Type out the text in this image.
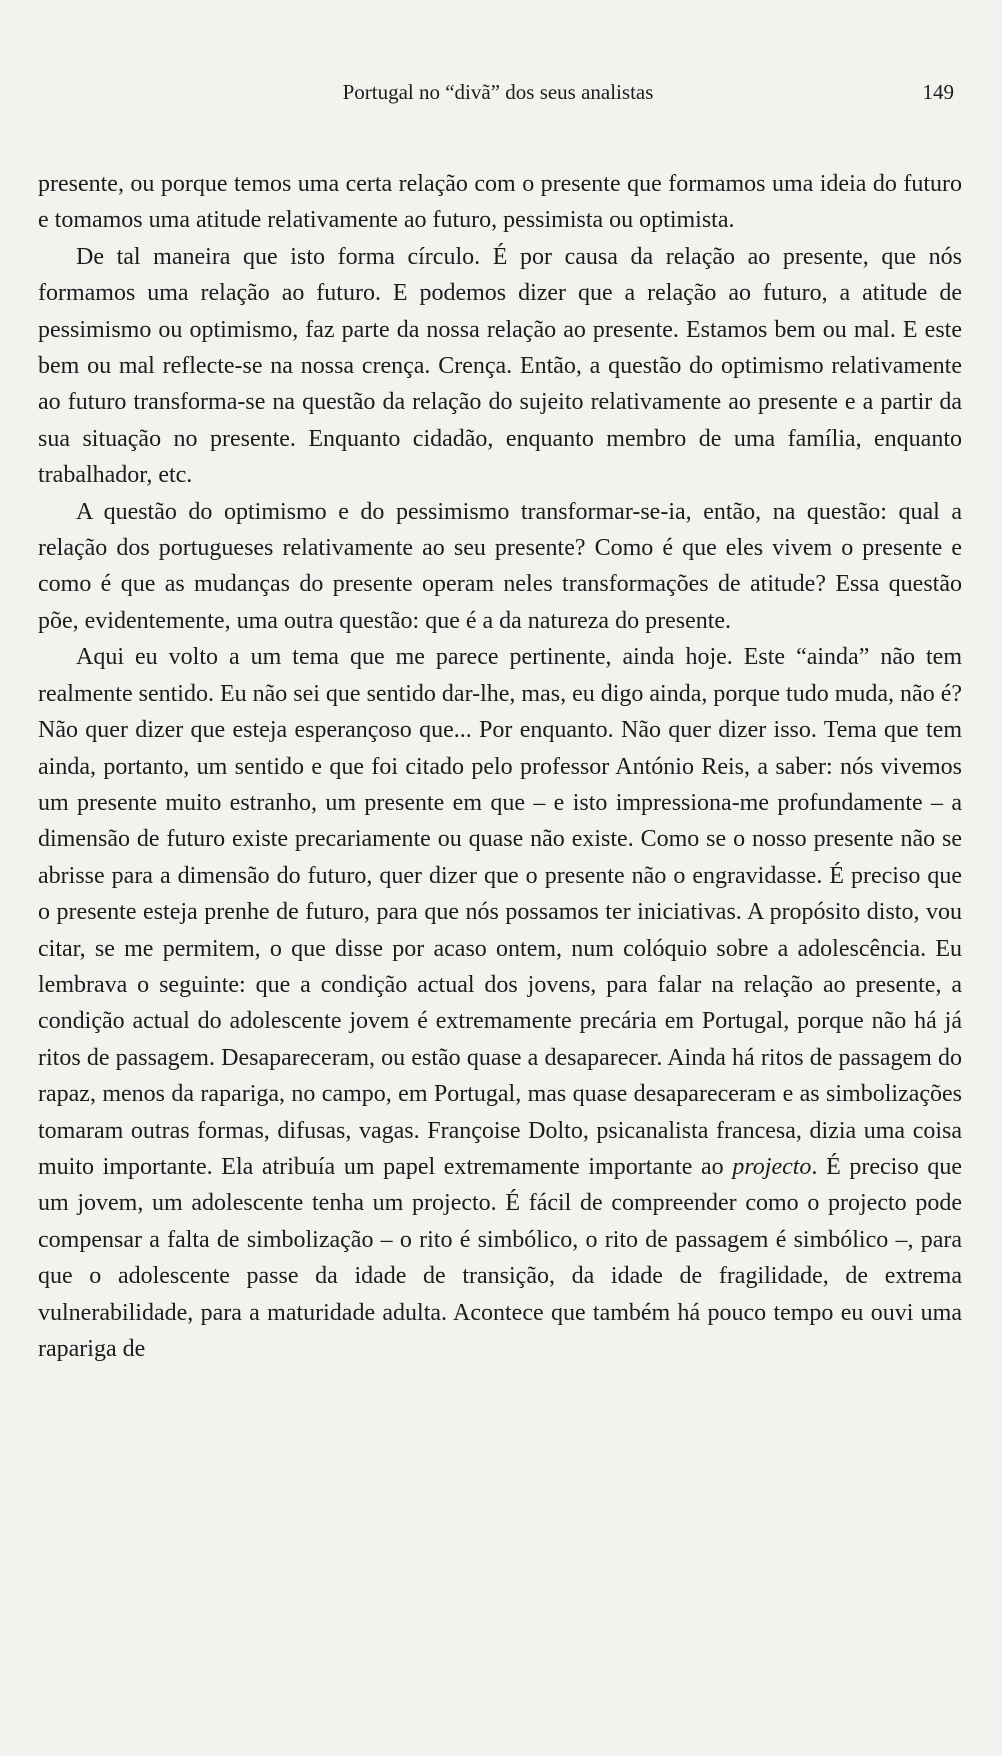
Portugal no “divã” dos seus analistas	149

presente, ou porque temos uma certa relação com o presente que formamos uma ideia do futuro e tomamos uma atitude relativamente ao futuro, pessimista ou optimista.

De tal maneira que isto forma círculo. É por causa da relação ao presente, que nós formamos uma relação ao futuro. E podemos dizer que a relação ao futuro, a atitude de pessimismo ou optimismo, faz parte da nossa relação ao presente. Estamos bem ou mal. E este bem ou mal reflecte-se na nossa crença. Crença. Então, a questão do optimismo relativamente ao futuro transforma-se na questão da relação do sujeito relativamente ao presente e a partir da sua situação no presente. Enquanto cidadão, enquanto membro de uma família, enquanto trabalhador, etc.

A questão do optimismo e do pessimismo transformar-se-ia, então, na questão: qual a relação dos portugueses relativamente ao seu presente? Como é que eles vivem o presente e como é que as mudanças do presente operam neles transformações de atitude? Essa questão põe, evidentemente, uma outra questão: que é a da natureza do presente.

Aqui eu volto a um tema que me parece pertinente, ainda hoje. Este “ainda” não tem realmente sentido. Eu não sei que sentido dar-lhe, mas, eu digo ainda, porque tudo muda, não é? Não quer dizer que esteja esperançoso que... Por enquanto. Não quer dizer isso. Tema que tem ainda, portanto, um sentido e que foi citado pelo professor António Reis, a saber: nós vivemos um presente muito estranho, um presente em que – e isto impressiona-me profundamente – a dimensão de futuro existe precariamente ou quase não existe. Como se o nosso presente não se abrisse para a dimensão do futuro, quer dizer que o presente não o engravidasse. É preciso que o presente esteja prenhe de futuro, para que nós possamos ter iniciativas. A propósito disto, vou citar, se me permitem, o que disse por acaso ontem, num colóquio sobre a adolescência. Eu lembrava o seguinte: que a condição actual dos jovens, para falar na relação ao presente, a condição actual do adolescente jovem é extremamente precária em Portugal, porque não há já ritos de passagem. Desapareceram, ou estão quase a desaparecer. Ainda há ritos de passagem do rapaz, menos da rapariga, no campo, em Portugal, mas quase desapareceram e as simbolizações tomaram outras formas, difusas, vagas. Françoise Dolto, psicanalista francesa, dizia uma coisa muito importante. Ela atribuía um papel extremamente importante ao projecto. É preciso que um jovem, um adolescente tenha um projecto. É fácil de compreender como o projecto pode compensar a falta de simbolização – o rito é simbólico, o rito de passagem é simbólico –, para que o adolescente passe da idade de transição, da idade de fragilidade, de extrema vulnerabilidade, para a maturidade adulta. Acontece que também há pouco tempo eu ouvi uma rapariga de
